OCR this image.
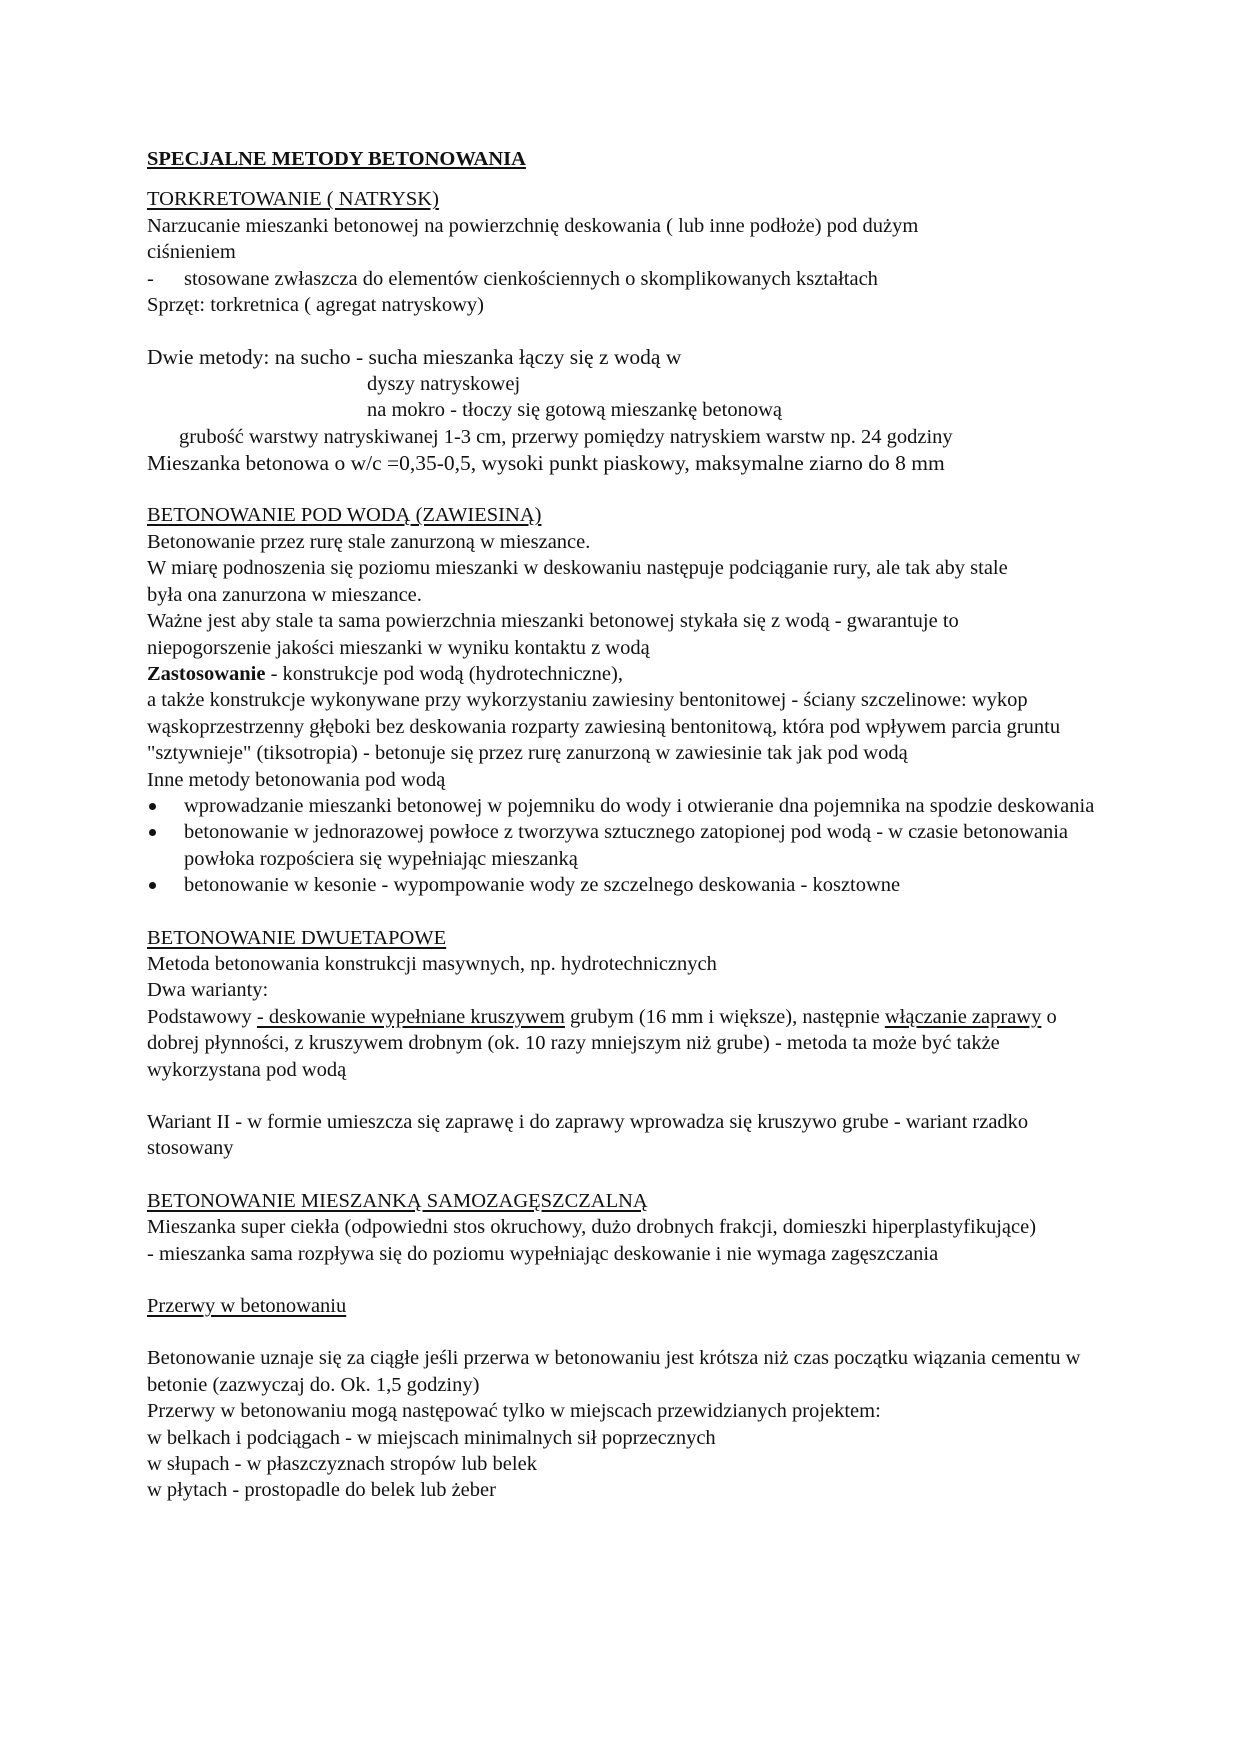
SPECJALNE METODY BETONOWANIA
TORKRETOWANIE ( NATRYSK)
Narzucanie mieszanki betonowej na powierzchnię deskowania ( lub inne podłoże) pod dużym ciśnieniem
-	stosowane zwłaszcza do elementów cienkościennych o skomplikowanych kształtach
Sprzęt: torkretnica ( agregat natryskowy)
Dwie metody: na sucho - sucha mieszanka łączy się z wodą w
dyszy natryskowej
na mokro - tłoczy się gotową mieszankę betonową
grubość warstwy natryskiwanej 1-3 cm, przerwy pomiędzy natryskiem warstw np. 24 godziny
Mieszanka betonowa o w/c =0,35-0,5, wysoki punkt piaskowy, maksymalne ziarno do 8 mm
BETONOWANIE POD WODĄ (ZAWIESINĄ)
Betonowanie przez rurę stale zanurzoną w mieszance.
W miarę podnoszenia się poziomu mieszanki w deskowaniu następuje podciąganie rury, ale tak aby stale była ona zanurzona w mieszance.
Ważne jest aby stale ta sama powierzchnia mieszanki betonowej stykała się z wodą - gwarantuje to niepogorszenie jakości mieszanki w wyniku kontaktu z wodą
Zastosowanie - konstrukcje pod wodą (hydrotechniczne),
a także konstrukcje wykonywane przy wykorzystaniu zawiesiny bentonitowej - ściany szczelinowe: wykop wąskoprzestrzenny głęboki bez deskowania rozparty zawiesiną bentonitową, która pod wpływem parcia gruntu "sztywnieje" (tiksotropia) - betonuje się przez rurę zanurzoną w zawiesinie tak jak pod wodą
Inne metody betonowania pod wodą
wprowadzanie mieszanki betonowej w pojemniku do wody i otwieranie dna pojemnika na spodzie deskowania
betonowanie w jednorazowej powłoce z tworzywa sztucznego zatopionej pod wodą - w czasie betonowania powłoka rozpościera się wypełniając mieszanką
betonowanie w kesonie - wypompowanie wody ze szczelnego deskowania - kosztowne
BETONOWANIE DWUETAPOWE
Metoda betonowania konstrukcji masywnych, np. hydrotechnicznych
Dwa warianty:
Podstawowy - deskowanie wypełniane kruszywem grubym (16 mm i większe), następnie włączanie zaprawy o dobrej płynności, z kruszywem drobnym (ok. 10 razy mniejszym niż grube) - metoda ta może być także wykorzystana pod wodą
Wariant II - w formie umieszcza się zaprawę i do zaprawy wprowadza się kruszywo grube - wariant rzadko stosowany
BETONOWANIE MIESZANKĄ SAMOZAGĘSZCZALNĄ
Mieszanka super ciekła (odpowiedni stos okruchowy, dużo drobnych frakcji, domieszki hiperplastyfikujące) - mieszanka sama rozpływa się do poziomu wypełniając deskowanie i nie wymaga zagęszczania
Przerwy w betonowaniu
Betonowanie uznaje się za ciągłe jeśli przerwa w betonowaniu jest krótsza niż czas początku wiązania cementu w betonie (zazwyczaj do. Ok. 1,5 godziny)
Przerwy w betonowaniu mogą następować tylko w miejscach przewidzianych projektem:
w belkach i podciągach - w miejscach minimalnych sił poprzecznych
w słupach - w płaszczyznach stropów lub belek
w płytach - prostopadle do belek lub żeber
